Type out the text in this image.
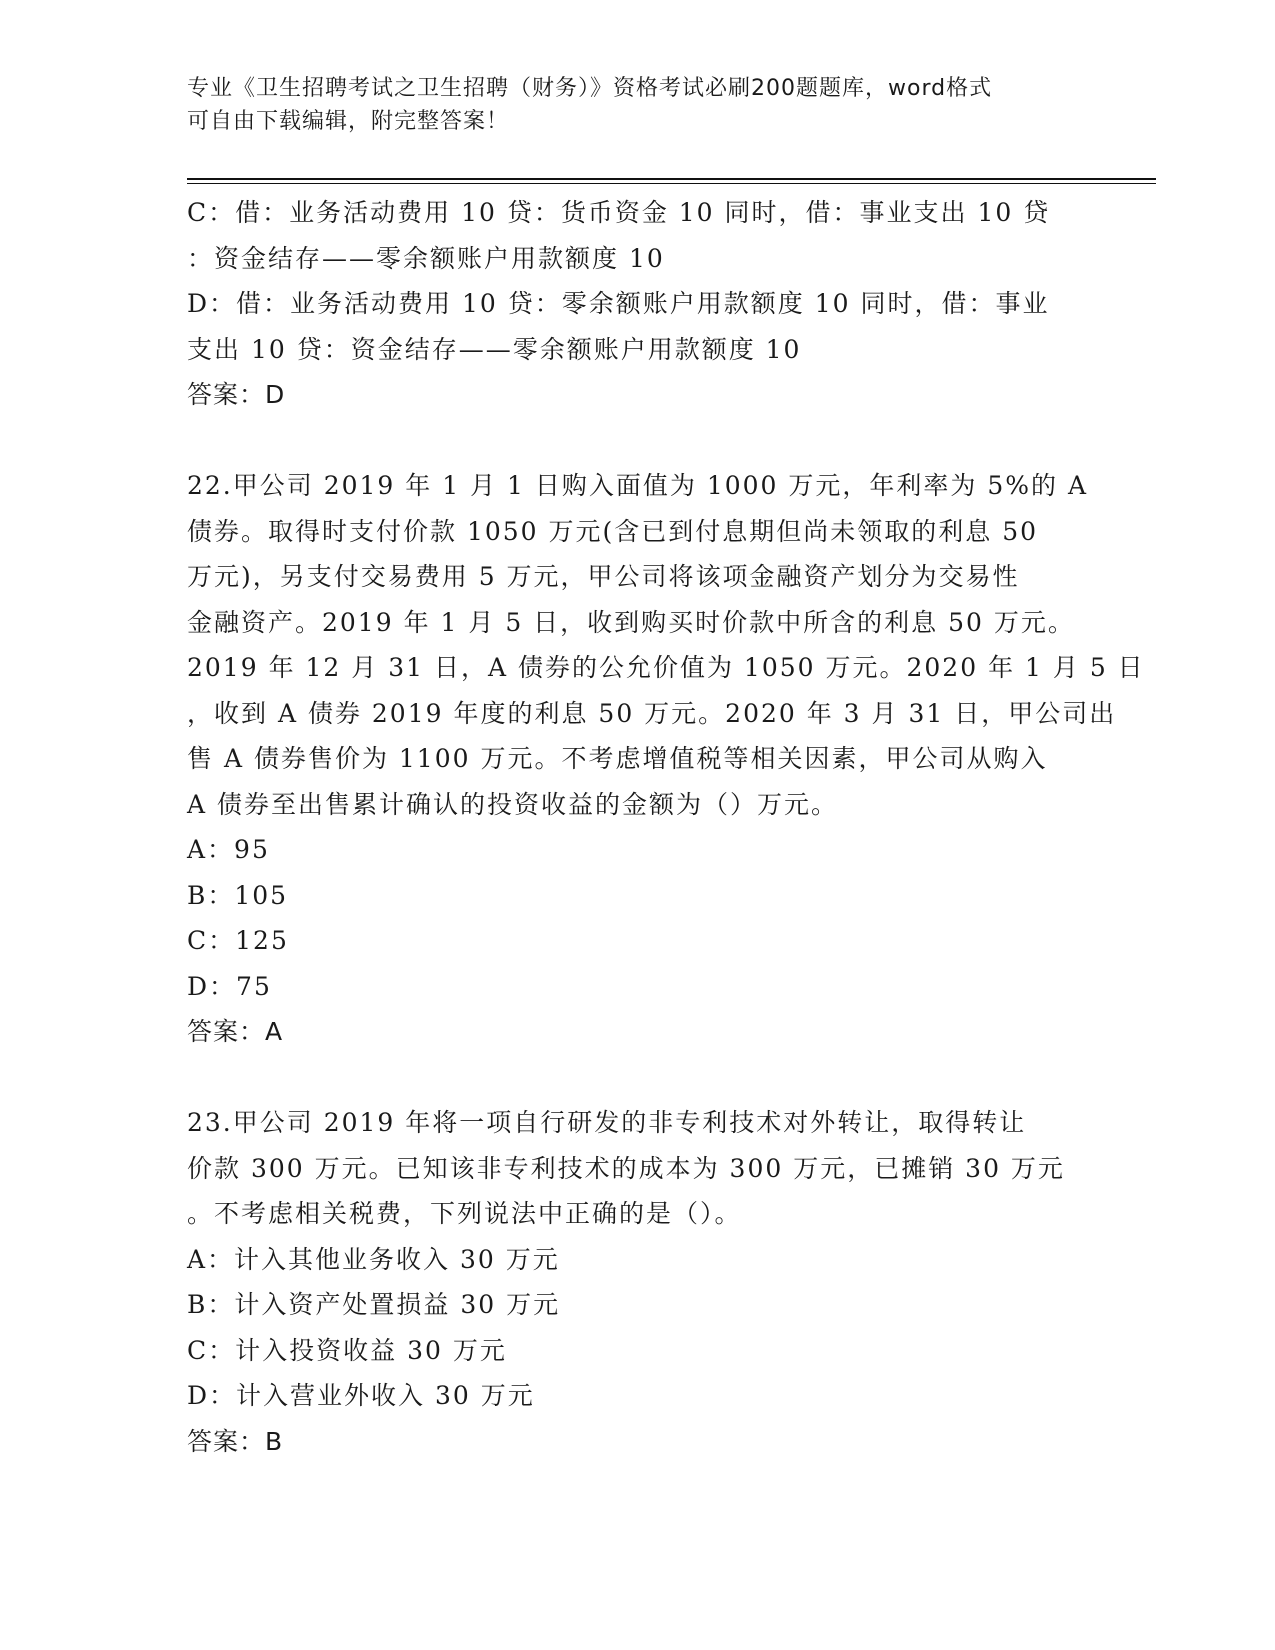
专业《卫生招聘考试之卫生招聘（财务）》资格考试必刷200题题库，word格式
可自由下载编辑，附完整答案！
C：借：业务活动费用 10 贷：货币资金 10 同时，借：事业支出 10 贷
：资金结存——零余额账户用款额度 10
D：借：业务活动费用 10 贷：零余额账户用款额度 10 同时，借：事业
支出 10 贷：资金结存——零余额账户用款额度 10
答案：D
22.甲公司 2019 年 1 月 1 日购入面值为 1000 万元，年利率为 5%的 A
债券。取得时支付价款 1050 万元(含已到付息期但尚未领取的利息 50
万元)，另支付交易费用 5 万元，甲公司将该项金融资产划分为交易性
金融资产。2019 年 1 月 5 日，收到购买时价款中所含的利息 50 万元。
2019 年 12 月 31 日，A 债券的公允价值为 1050 万元。2020 年 1 月 5 日
，收到 A 债券 2019 年度的利息 50 万元。2020 年 3 月 31 日，甲公司出
售 A 债券售价为 1100 万元。不考虑增值税等相关因素，甲公司从购入
A 债券至出售累计确认的投资收益的金额为（）万元。
A：95
B：105
C：125
D：75
答案：A
23.甲公司 2019 年将一项自行研发的非专利技术对外转让，取得转让
价款 300 万元。已知该非专利技术的成本为 300 万元，已摊销 30 万元
。不考虑相关税费，下列说法中正确的是（）。
A：计入其他业务收入 30 万元
B：计入资产处置损益 30 万元
C：计入投资收益 30 万元
D：计入营业外收入 30 万元
答案：B
